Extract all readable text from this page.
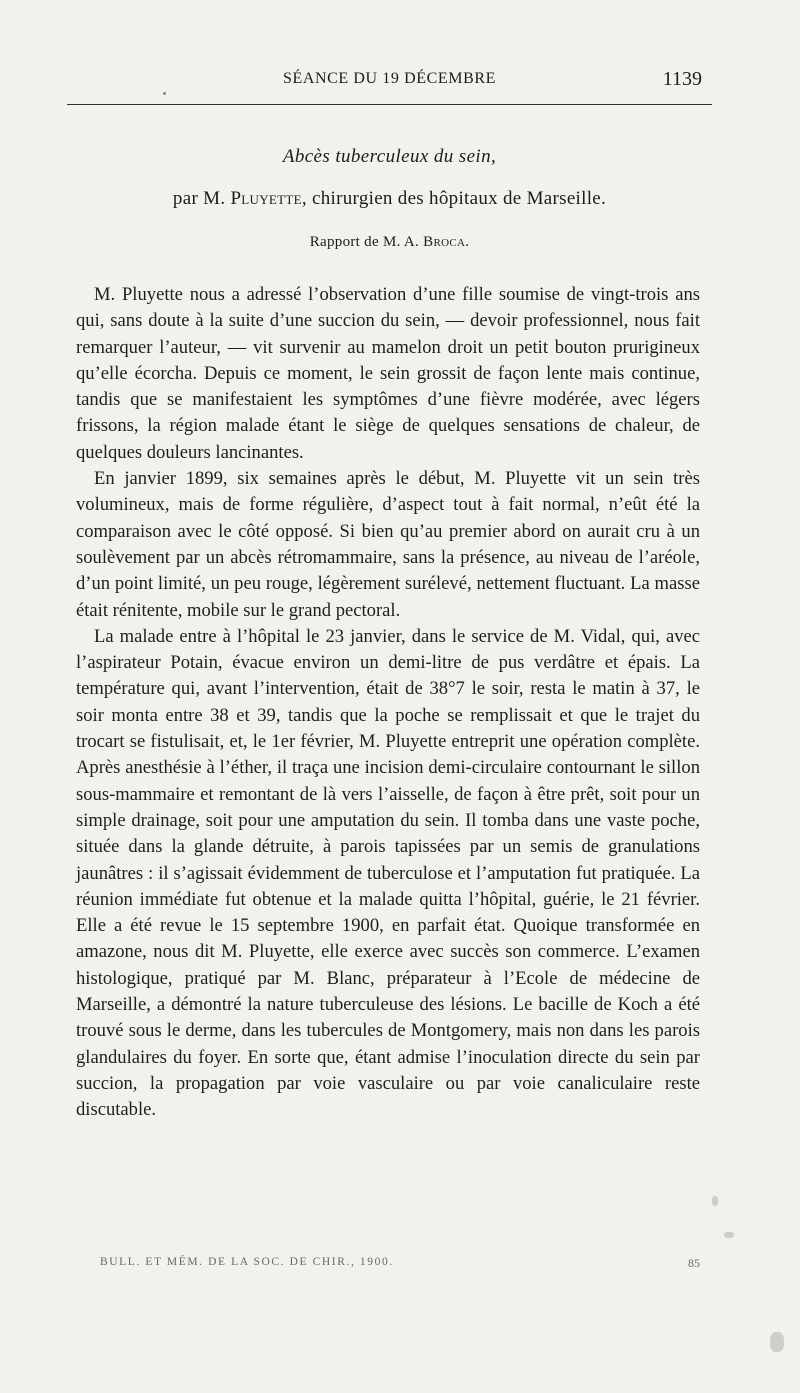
SÉANCE DU 19 DÉCEMBRE	1139
Abcès tuberculeux du sein,
par M. Pluyette, chirurgien des hôpitaux de Marseille.
Rapport de M. A. Broca.

M. Pluyette nous a adressé l’observation d’une fille soumise de vingt-trois ans qui, sans doute à la suite d’une succion du sein, — devoir professionnel, nous fait remarquer l’auteur, — vit survenir au mamelon droit un petit bouton prurigineux qu’elle écorcha. Depuis ce moment, le sein grossit de façon lente mais continue, tandis que se manifestaient les symptômes d’une fièvre modérée, avec légers frissons, la région malade étant le siège de quelques sensations de chaleur, de quelques douleurs lancinantes.

En janvier 1899, six semaines après le début, M. Pluyette vit un sein très volumineux, mais de forme régulière, d’aspect tout à fait normal, n’eût été la comparaison avec le côté opposé. Si bien qu’au premier abord on aurait cru à un soulèvement par un abcès rétromammaire, sans la présence, au niveau de l’aréole, d’un point limité, un peu rouge, légèrement surélevé, nettement fluctuant. La masse était rénitente, mobile sur le grand pectoral.

La malade entre à l’hôpital le 23 janvier, dans le service de M. Vidal, qui, avec l’aspirateur Potain, évacue environ un demi-litre de pus verdâtre et épais. La température qui, avant l’intervention, était de 38°7 le soir, resta le matin à 37, le soir monta entre 38 et 39, tandis que la poche se remplissait et que le trajet du trocart se fistulisait, et, le 1er février, M. Pluyette entreprit une opération complète. Après anesthésie à l’éther, il traça une incision demi-circulaire contournant le sillon sous-mammaire et remontant de là vers l’aisselle, de façon à être prêt, soit pour un simple drainage, soit pour une amputation du sein. Il tomba dans une vaste poche, située dans la glande détruite, à parois tapissées par un semis de granulations jaunâtres : il s’agissait évidemment de tuberculose et l’amputation fut pratiquée. La réunion immédiate fut obtenue et la malade quitta l’hôpital, guérie, le 21 février. Elle a été revue le 15 septembre 1900, en parfait état. Quoique transformée en amazone, nous dit M. Pluyette, elle exerce avec succès son commerce. L’examen histologique, pratiqué par M. Blanc, préparateur à l’Ecole de médecine de Marseille, a démontré la nature tuberculeuse des lésions. Le bacille de Koch a été trouvé sous le derme, dans les tubercules de Montgomery, mais non dans les parois glandulaires du foyer. En sorte que, étant admise l’inoculation directe du sein par succion, la propagation par voie vasculaire ou par voie canaliculaire reste discutable.

BULL. ET MÉM. DE LA SOC. DE CHIR., 1900.	85
